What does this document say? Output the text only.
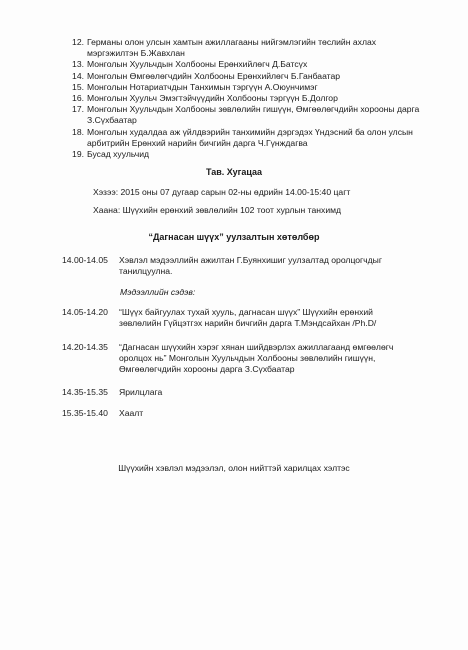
12. Германы олон улсын хамтын ажиллагааны нийгэмлэгийн төслийн ахлах мэргэжилтэн Б.Жавхлан
13. Монголын Хуульчдын Холбооны Ерөнхийлөгч Д.Батсүх
14. Монголын Өмгөөлөгчдийн Холбооны Ерөнхийлөгч Б.Ганбаатар
15. Монголын Нотариатчдын Танхимын тэргүүн А.Оюунчимэг
16. Монголын Хуульч Эмэгтэйчүүдийн Холбооны тэргүүн Б.Долгор
17. Монголын Хуульчдын Холбооны зөвлөлийн гишүүн, Өмгөөлөгчдийн хорооны дарга З.Сүхбаатар
18. Монголын худалдаа аж үйлдвэрийн танхимийн дэргэдэх Үндэсний ба олон улсын арбитрийн Ерөнхий нарийн бичгийн дарга Ч.Гүнждагва
19. Бусад хуульчид
Тав. Хугацаа
Хэзээ: 2015 оны 07 дугаар сарын 02-ны өдрийн 14.00-15:40 цагт
Хаана: Шүүхийн ерөнхий зөвлөлийн 102 тоот хурлын танхимд
“Дагнасан шүүх” уулзалтын хөтөлбөр
14.00-14.05	Хэвлэл мэдээллийн ажилтан Г.Буянхишиг уулзалтад оролцогчдыг танилцуулна.
Мэдээллийн сэдэв:
14.05-14.20	“Шүүх байгуулах тухай хууль, дагнасан шүүх” Шүүхийн ерөнхий зөвлөлийн Гүйцэтгэх нарийн бичгийн дарга Т.Мэндсайхан /Ph.D/
14.20-14.35	“Дагнасан шүүхийн хэрэг хянан шийдвэрлэх ажиллагаанд өмгөөлөгч оролцох нь” Монголын Хуульчдын Холбооны зөвлөлийн гишүүн, Өмгөөлөгчдийн хорооны дарга З.Сүхбаатар
14.35-15.35	Ярилцлага
15.35-15.40	Хаалт
Шүүхийн хэвлэл мэдээлэл, олон нийттэй харилцах хэлтэс
